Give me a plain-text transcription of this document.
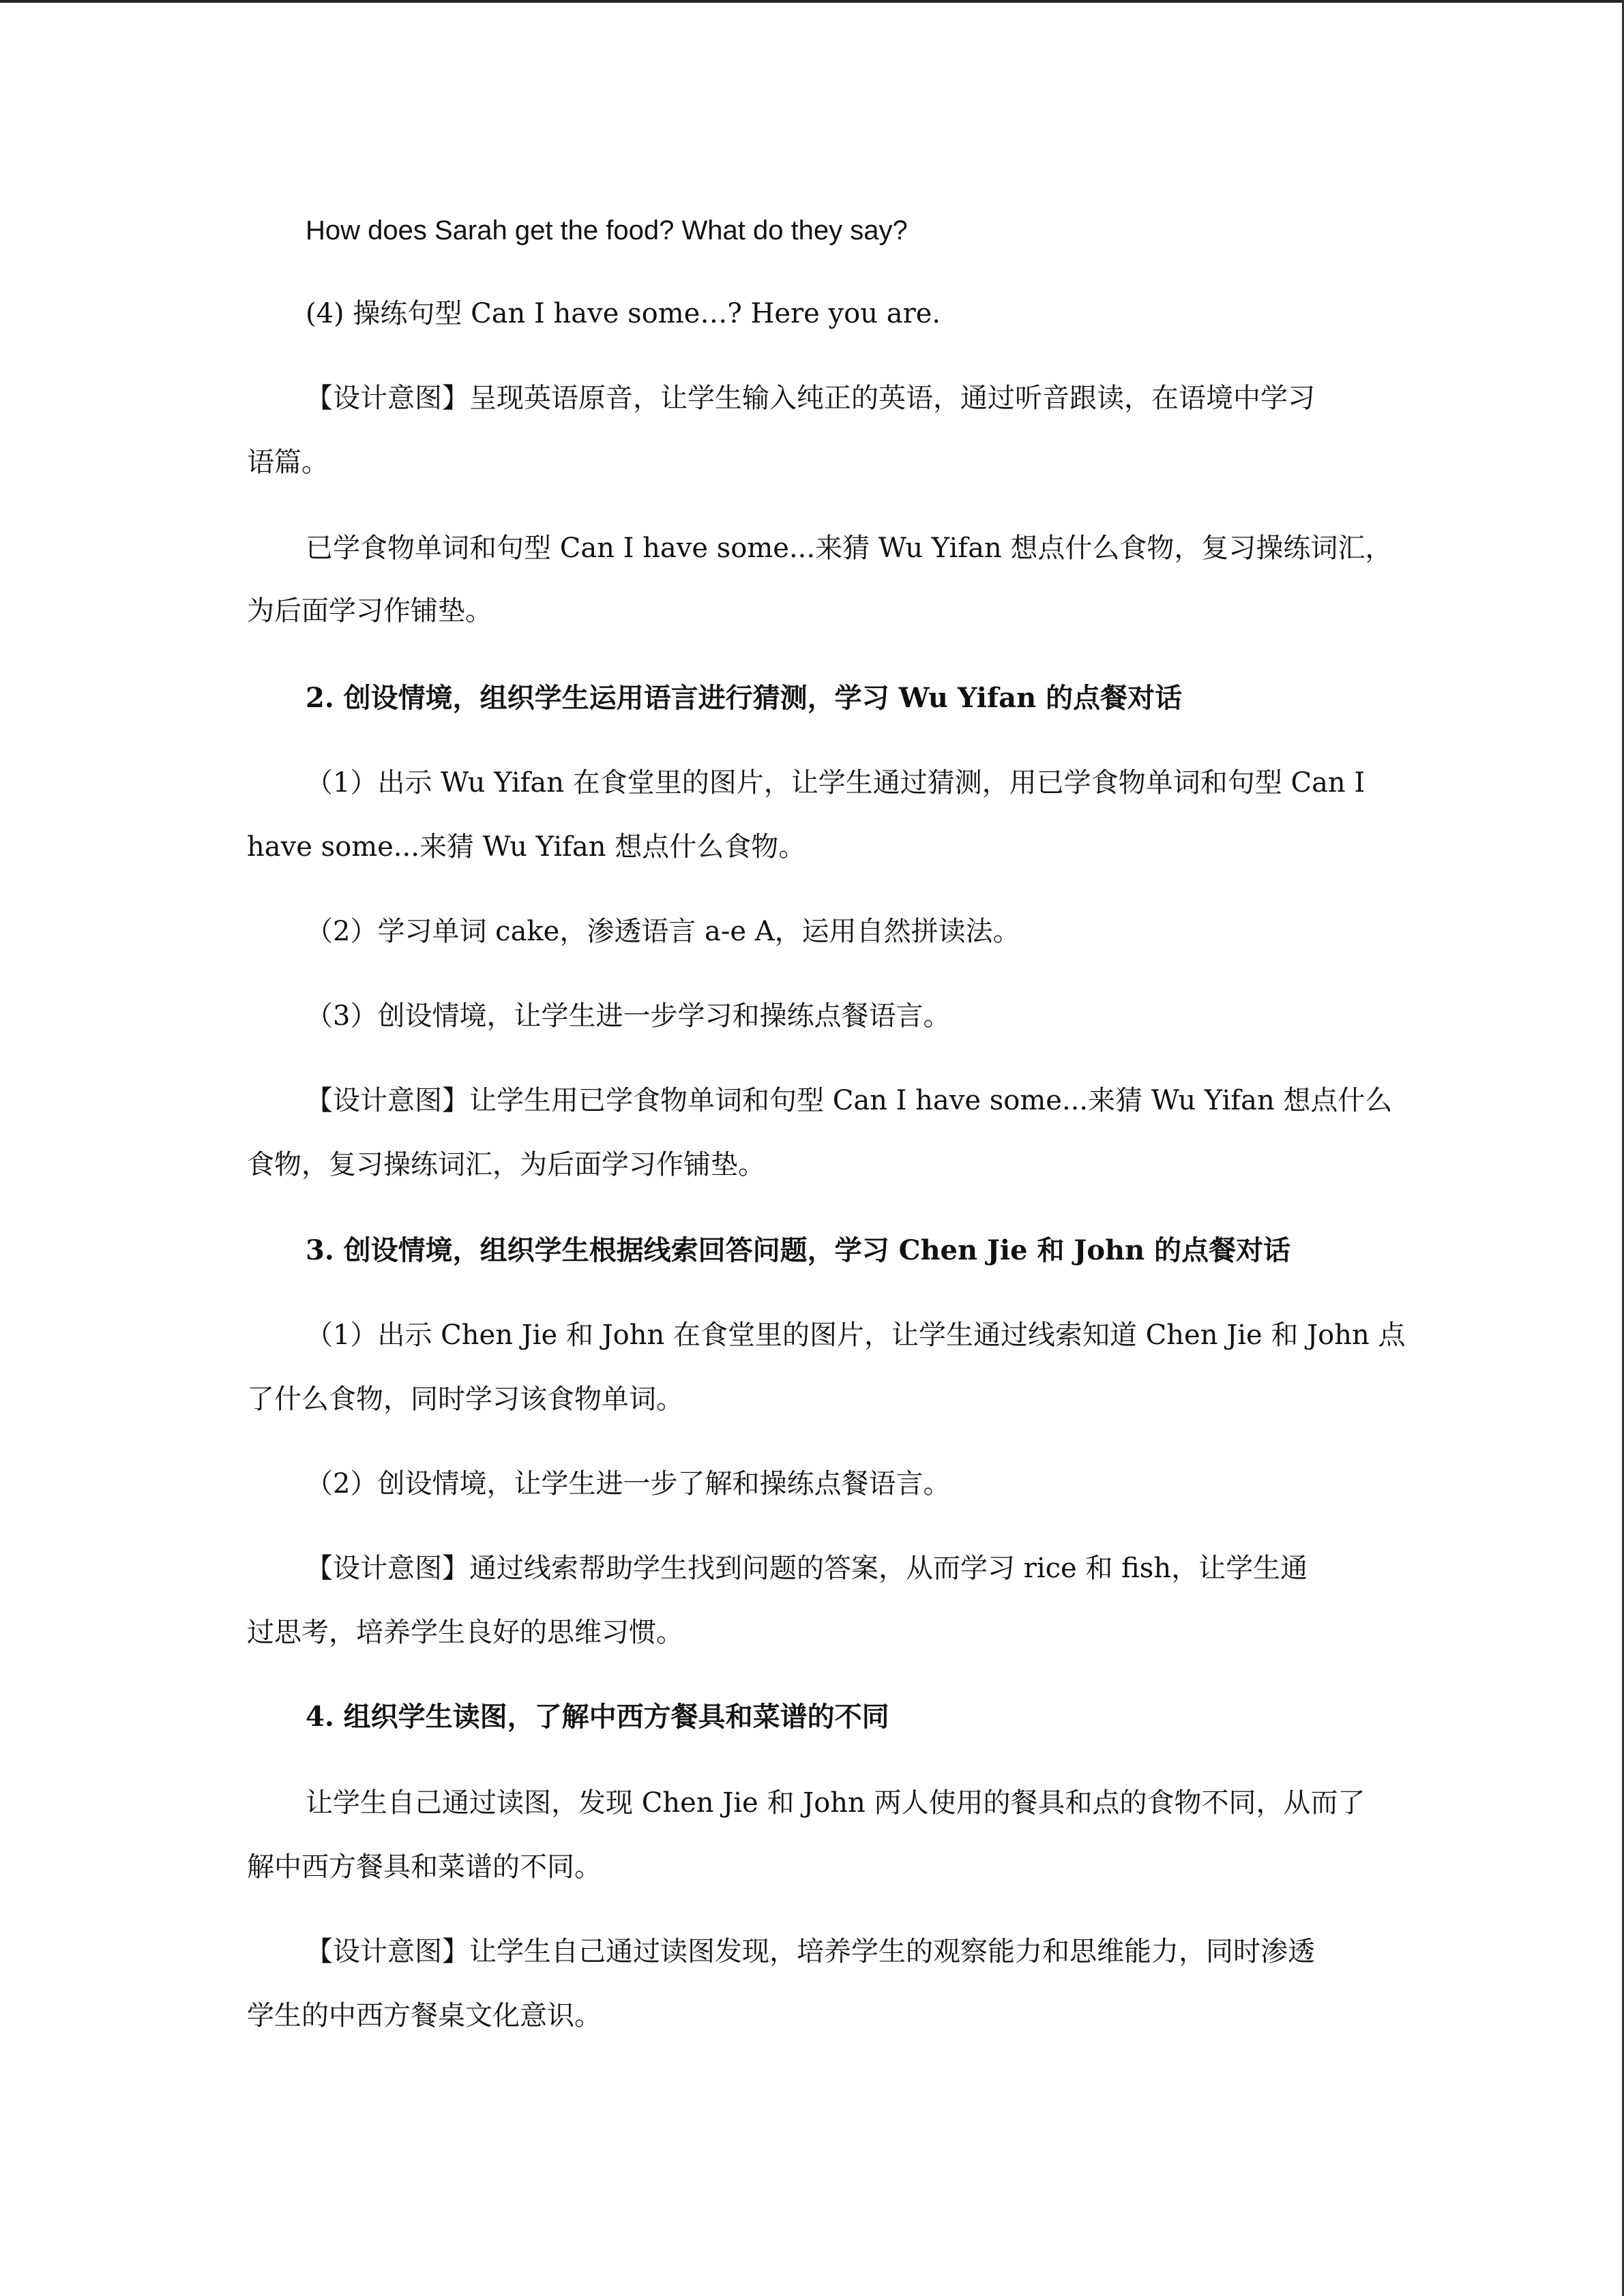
How does Sarah get the food? What do they say?
(4) 操练句型 Can I have some…? Here you are.
【设计意图】呈现英语原音，让学生输入纯正的英语，通过听音跟读，在语境中学习
语篇。
已学食物单词和句型 Can I have some...来猜 Wu Yifan 想点什么食物，复习操练词汇，
为后面学习作铺垫。
2. 创设情境，组织学生运用语言进行猜测，学习 Wu Yifan 的点餐对话
（1）出示 Wu Yifan 在食堂里的图片，让学生通过猜测，用已学食物单词和句型 Can I
have some...来猜 Wu Yifan 想点什么食物。
（2）学习单词 cake，渗透语言 a-e A，运用自然拼读法。
（3）创设情境，让学生进一步学习和操练点餐语言。
【设计意图】让学生用已学食物单词和句型 Can I have some...来猜 Wu Yifan 想点什么
食物，复习操练词汇，为后面学习作铺垫。
3. 创设情境，组织学生根据线索回答问题，学习 Chen Jie 和 John 的点餐对话
（1）出示 Chen Jie 和 John 在食堂里的图片，让学生通过线索知道 Chen Jie 和 John 点
了什么食物，同时学习该食物单词。
（2）创设情境，让学生进一步了解和操练点餐语言。
【设计意图】通过线索帮助学生找到问题的答案，从而学习 rice 和 fish，让学生通
过思考，培养学生良好的思维习惯。
4. 组织学生读图，了解中西方餐具和菜谱的不同
让学生自己通过读图，发现 Chen Jie 和 John 两人使用的餐具和点的食物不同，从而了
解中西方餐具和菜谱的不同。
【设计意图】让学生自己通过读图发现，培养学生的观察能力和思维能力，同时渗透
学生的中西方餐桌文化意识。
